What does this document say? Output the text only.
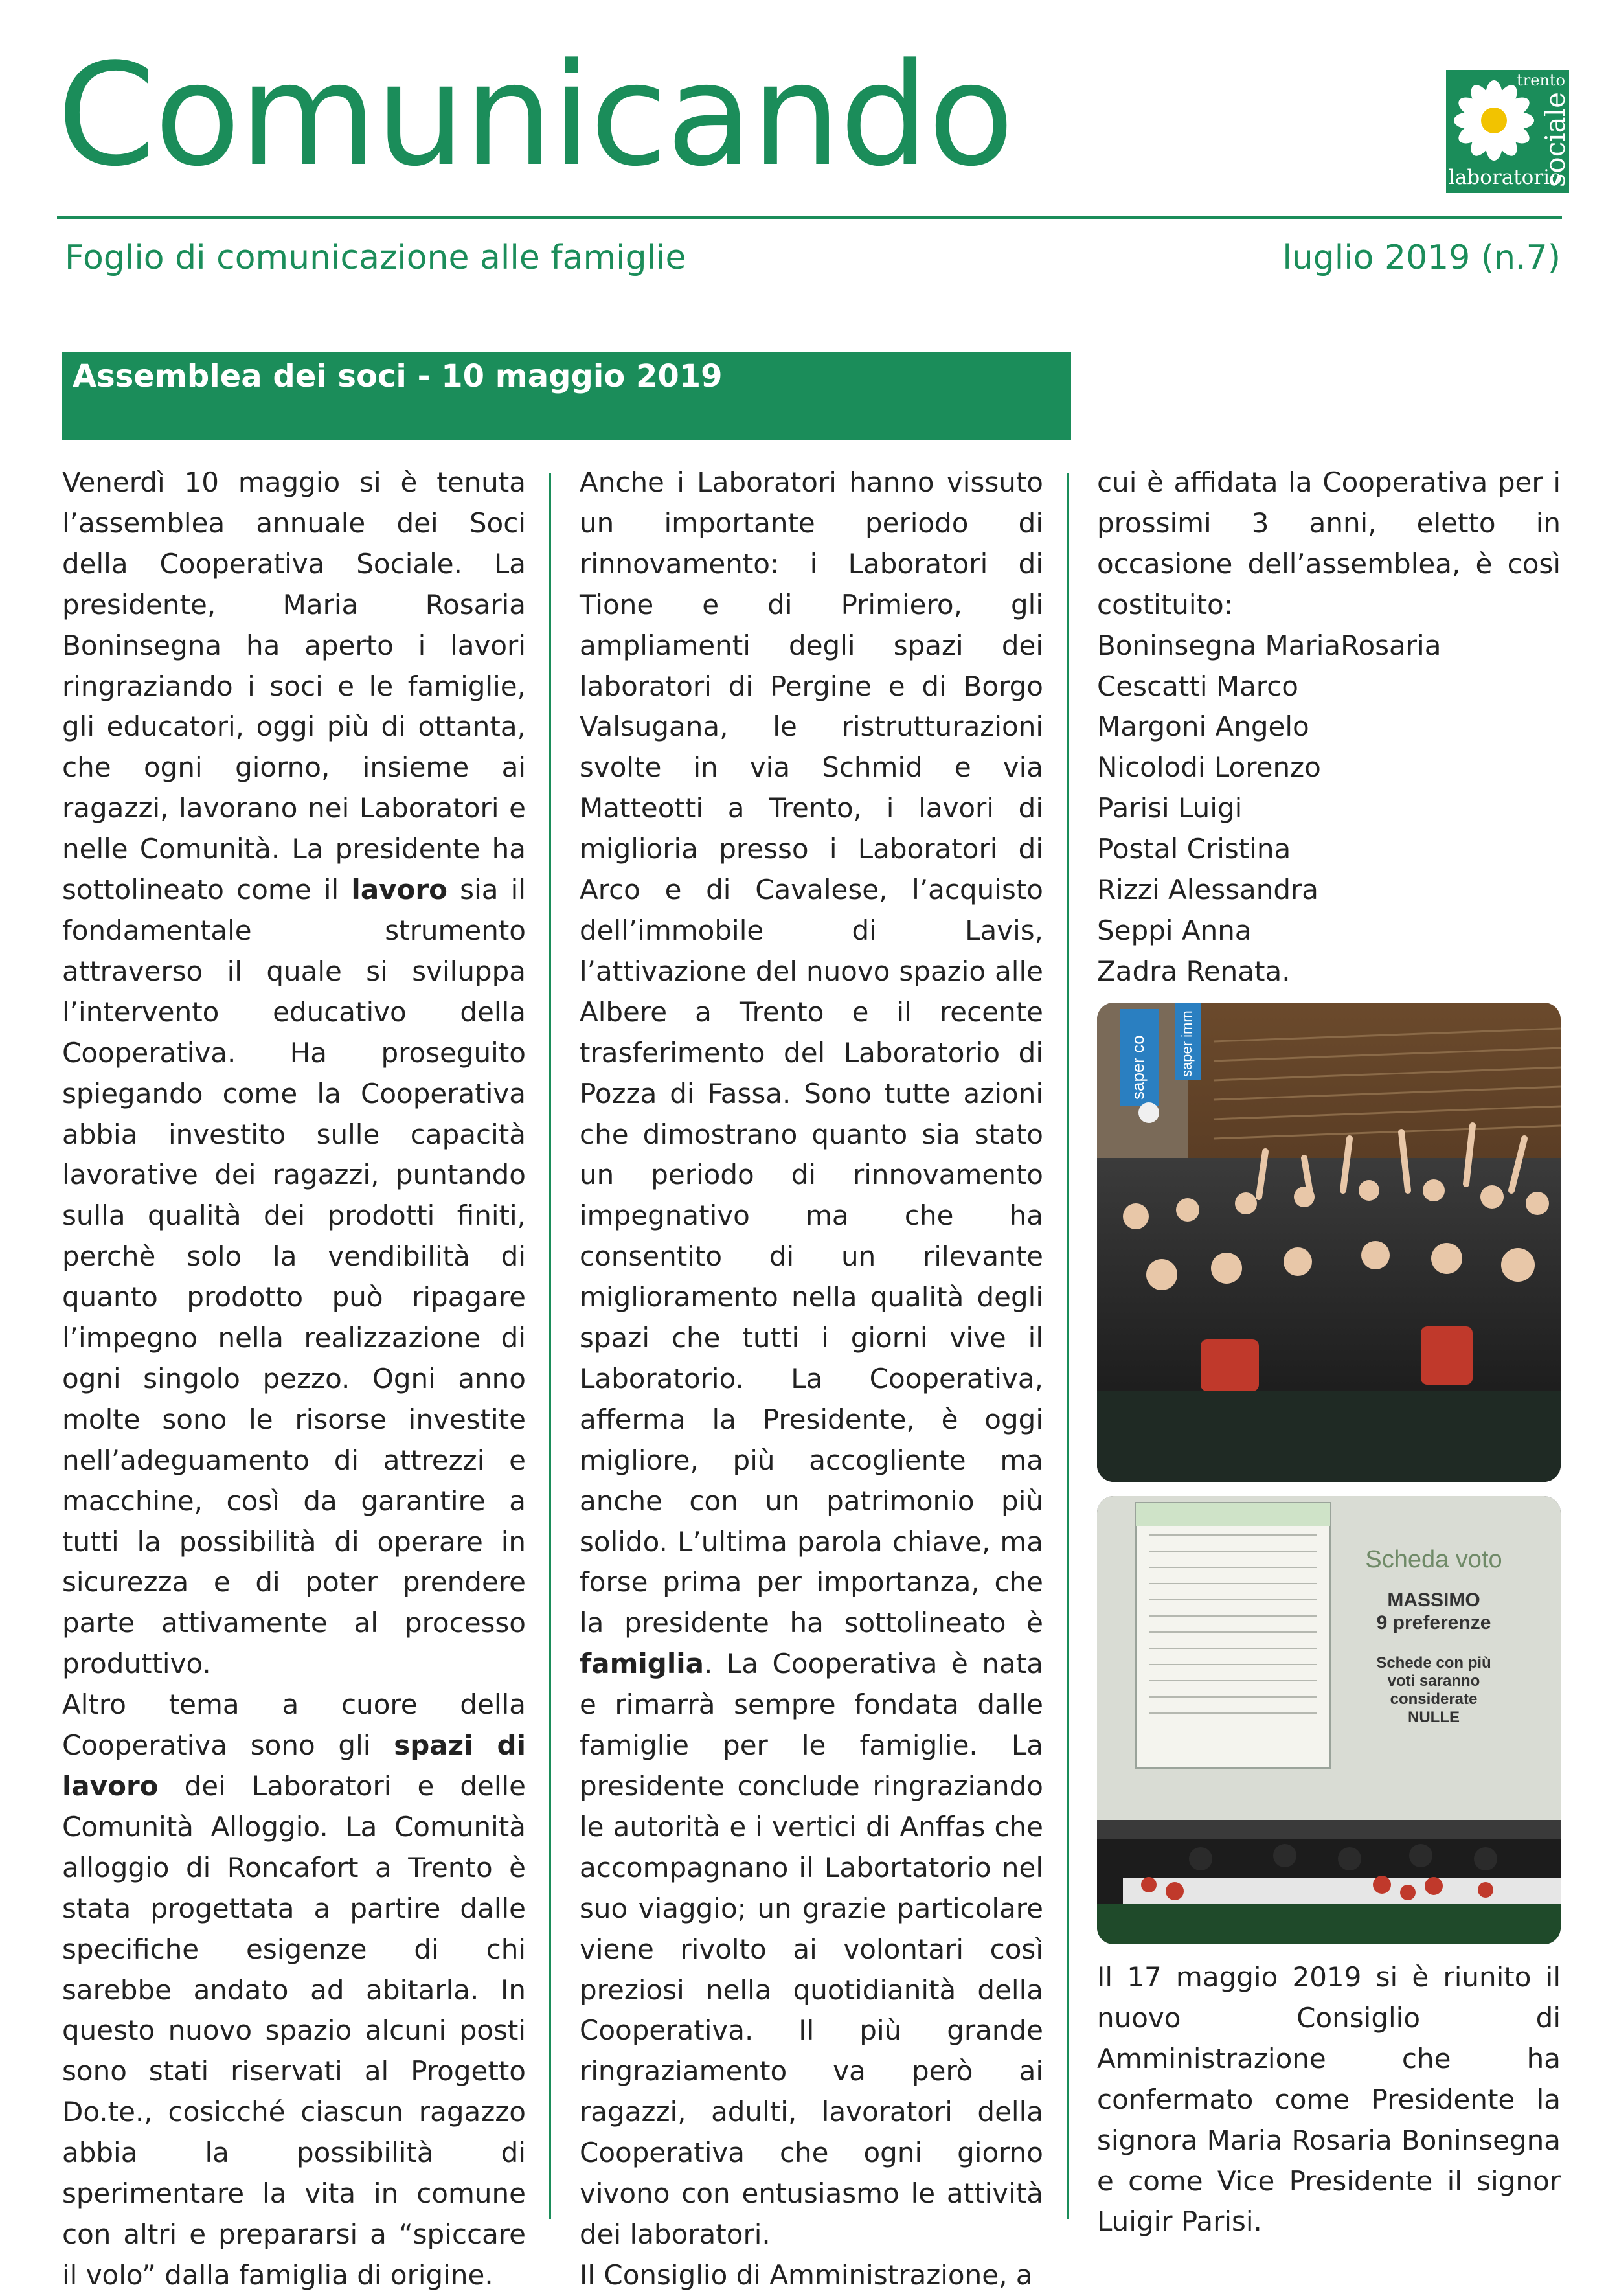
Comunicando	trento
sociale
laboratorio
Foglio di comunicazione alle famiglie	luglio 2019 (n.7)
Assemblea dei soci - 10 maggio 2019

Venerdì 10 maggio si è tenuta l’assemblea annuale dei Soci della Cooperativa Sociale. La presidente, Maria Rosaria Boninsegna ha aperto i lavori ringraziando i soci e le famiglie, gli educatori, oggi più di ottanta, che ogni giorno, insieme ai ragazzi, lavorano nei Laboratori e nelle Comunità. La presidente ha sottolineato come il lavoro sia il fondamentale strumento attraverso il quale si sviluppa l’intervento educativo della Cooperativa. Ha proseguito spiegando come la Cooperativa abbia investito sulle capacità lavorative dei ragazzi, puntando sulla qualità dei prodotti finiti, perchè solo la vendibilità di quanto prodotto può ripagare l’impegno nella realizzazione di ogni singolo pezzo. Ogni anno molte sono le risorse investite nell’adeguamento di attrezzi e macchine, così da garantire a tutti la possibilità di operare in sicurezza e di poter prendere parte attivamente al processo produttivo.

Altro tema a cuore della Cooperativa sono gli spazi di lavoro dei Laboratori e delle Comunità Alloggio. La Comunità alloggio di Roncafort a Trento è stata progettata a partire dalle specifiche esigenze di chi sarebbe andato ad abitarla. In questo nuovo spazio alcuni posti sono stati riservati al Progetto Do.te., cosicché ciascun ragazzo abbia la possibilità di sperimentare la vita in comune con altri e prepararsi a “spiccare il volo” dalla famiglia di origine.

Anche i Laboratori hanno vissuto un importante periodo di rinnovamento: i Laboratori di Tione e di Primiero, gli ampliamenti degli spazi dei laboratori di Pergine e di Borgo Valsugana, le ristrutturazioni svolte in via Schmid e via Matteotti a Trento, i lavori di miglioria presso i Laboratori di Arco e di Cavalese, l’acquisto dell’immobile di Lavis, l’attivazione del nuovo spazio alle Albere a Trento e il recente trasferimento del Laboratorio di Pozza di Fassa. Sono tutte azioni che dimostrano quanto sia stato un periodo di rinnovamento impegnativo ma che ha consentito di un rilevante miglioramento nella qualità degli spazi che tutti i giorni vive il Laboratorio. La Cooperativa, afferma la Presidente, è oggi migliore, più accogliente ma anche con un patrimonio più solido. L’ultima parola chiave, ma forse prima per importanza, che la presidente ha sottolineato è famiglia. La Cooperativa è nata e rimarrà sempre fondata dalle famiglie per le famiglie. La presidente conclude ringraziando le autorità e i vertici di Anffas che accompagnano il Labortatorio nel suo viaggio; un grazie particolare viene rivolto ai volontari così preziosi nella quotidianità della Cooperativa. Il più grande ringraziamento va però ai ragazzi, adulti, lavoratori della Cooperativa che ogni giorno vivono con entusiasmo le attività dei laboratori.

Il Consiglio di Amministrazione, a

cui è affidata la Cooperativa per i prossimi 3 anni, eletto in occasione dell’assemblea, è così costituito:

Boninsegna MariaRosaria
Cescatti Marco
Margoni Angelo
Nicolodi Lorenzo
Parisi Luigi
Postal Cristina
Rizzi Alessandra
Seppi Anna
Zadra Renata.
saper co saper imm
Scheda voto
MASSIMO
9 preferenze
Schede con più
voti saranno
considerate
NULLE
Il 17 maggio 2019 si è riunito il nuovo Consiglio di Amministrazione che ha confermato come Presidente la signora Maria Rosaria Boninsegna e come Vice Presidente il signor Luigir Parisi.
